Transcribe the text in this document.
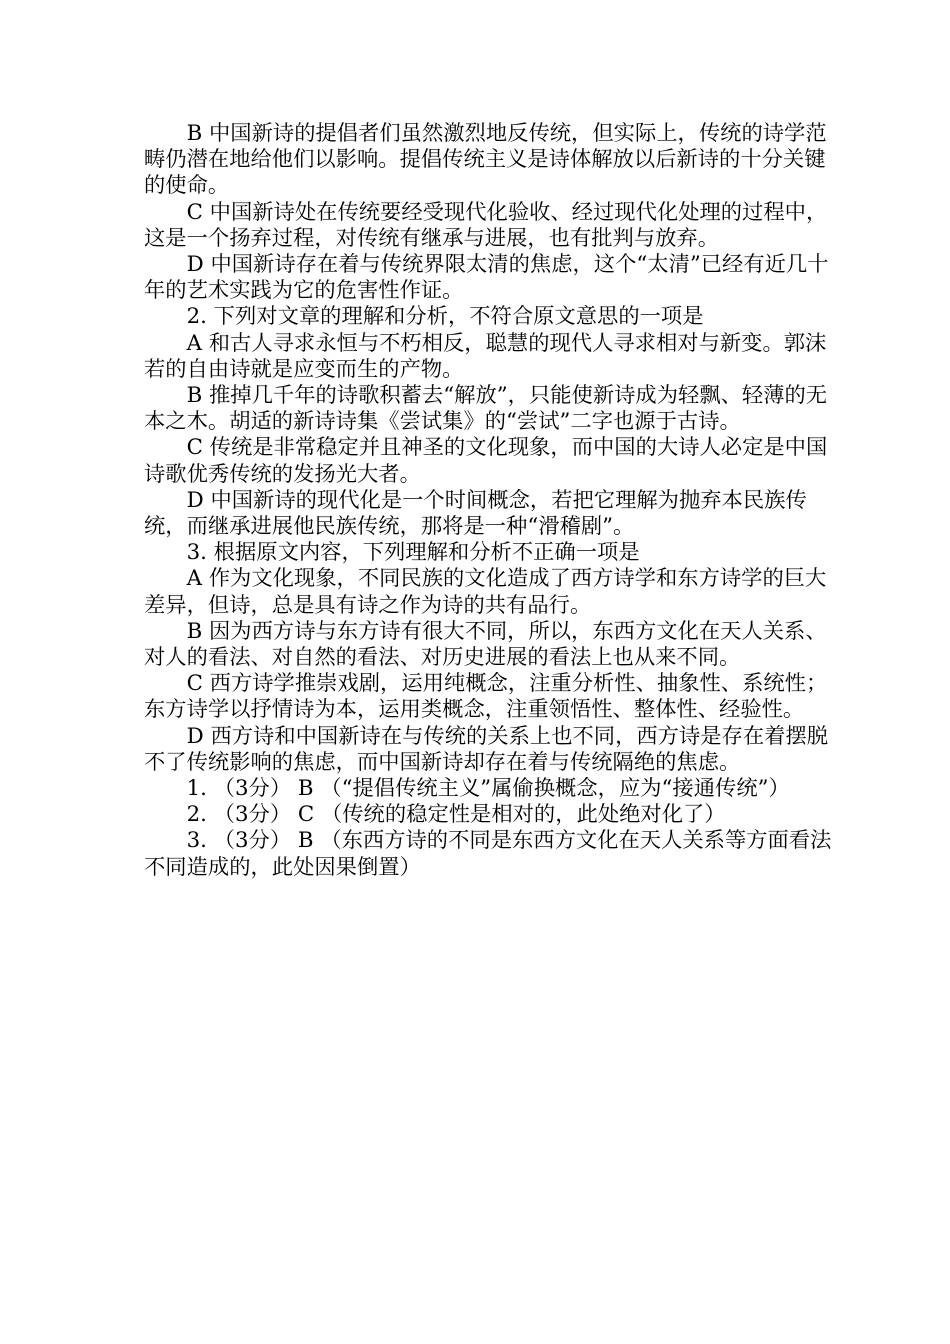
B 中国新诗的提倡者们虽然激烈地反传统，但实际上，传统的诗学范畴仍潜在地给他们以影响。提倡传统主义是诗体解放以后新诗的十分关键的使命。

C 中国新诗处在传统要经受现代化验收、经过现代化处理的过程中，这是一个扬弃过程，对传统有继承与进展，也有批判与放弃。

D 中国新诗存在着与传统界限太清的焦虑，这个“太清”已经有近几十年的艺术实践为它的危害性作证。

2. 下列对文章的理解和分析，不符合原文意思的一项是

A 和古人寻求永恒与不朽相反，聪慧的现代人寻求相对与新变。郭沫若的自由诗就是应变而生的产物。

B 推掉几千年的诗歌积蓄去“解放”，只能使新诗成为轻飘、轻薄的无本之木。胡适的新诗诗集《尝试集》的“尝试”二字也源于古诗。

C 传统是非常稳定并且神圣的文化现象，而中国的大诗人必定是中国诗歌优秀传统的发扬光大者。

D 中国新诗的现代化是一个时间概念，若把它理解为抛弃本民族传统，而继承进展他民族传统，那将是一种“滑稽剧”。

3. 根据原文内容，下列理解和分析不正确一项是

A 作为文化现象，不同民族的文化造成了西方诗学和东方诗学的巨大差异，但诗，总是具有诗之作为诗的共有品行。

B 因为西方诗与东方诗有很大不同，所以，东西方文化在天人关系、对人的看法、对自然的看法、对历史进展的看法上也从来不同。

C 西方诗学推崇戏剧，运用纯概念，注重分析性、抽象性、系统性；东方诗学以抒情诗为本，运用类概念，注重领悟性、整体性、经验性。

D 西方诗和中国新诗在与传统的关系上也不同，西方诗是存在着摆脱不了传统影响的焦虑，而中国新诗却存在着与传统隔绝的焦虑。

1. （3分） B （“提倡传统主义”属偷换概念，应为“接通传统”）

2. （3分） C （传统的稳定性是相对的，此处绝对化了）

3. （3分） B （东西方诗的不同是东西方文化在天人关系等方面看法不同造成的，此处因果倒置）
